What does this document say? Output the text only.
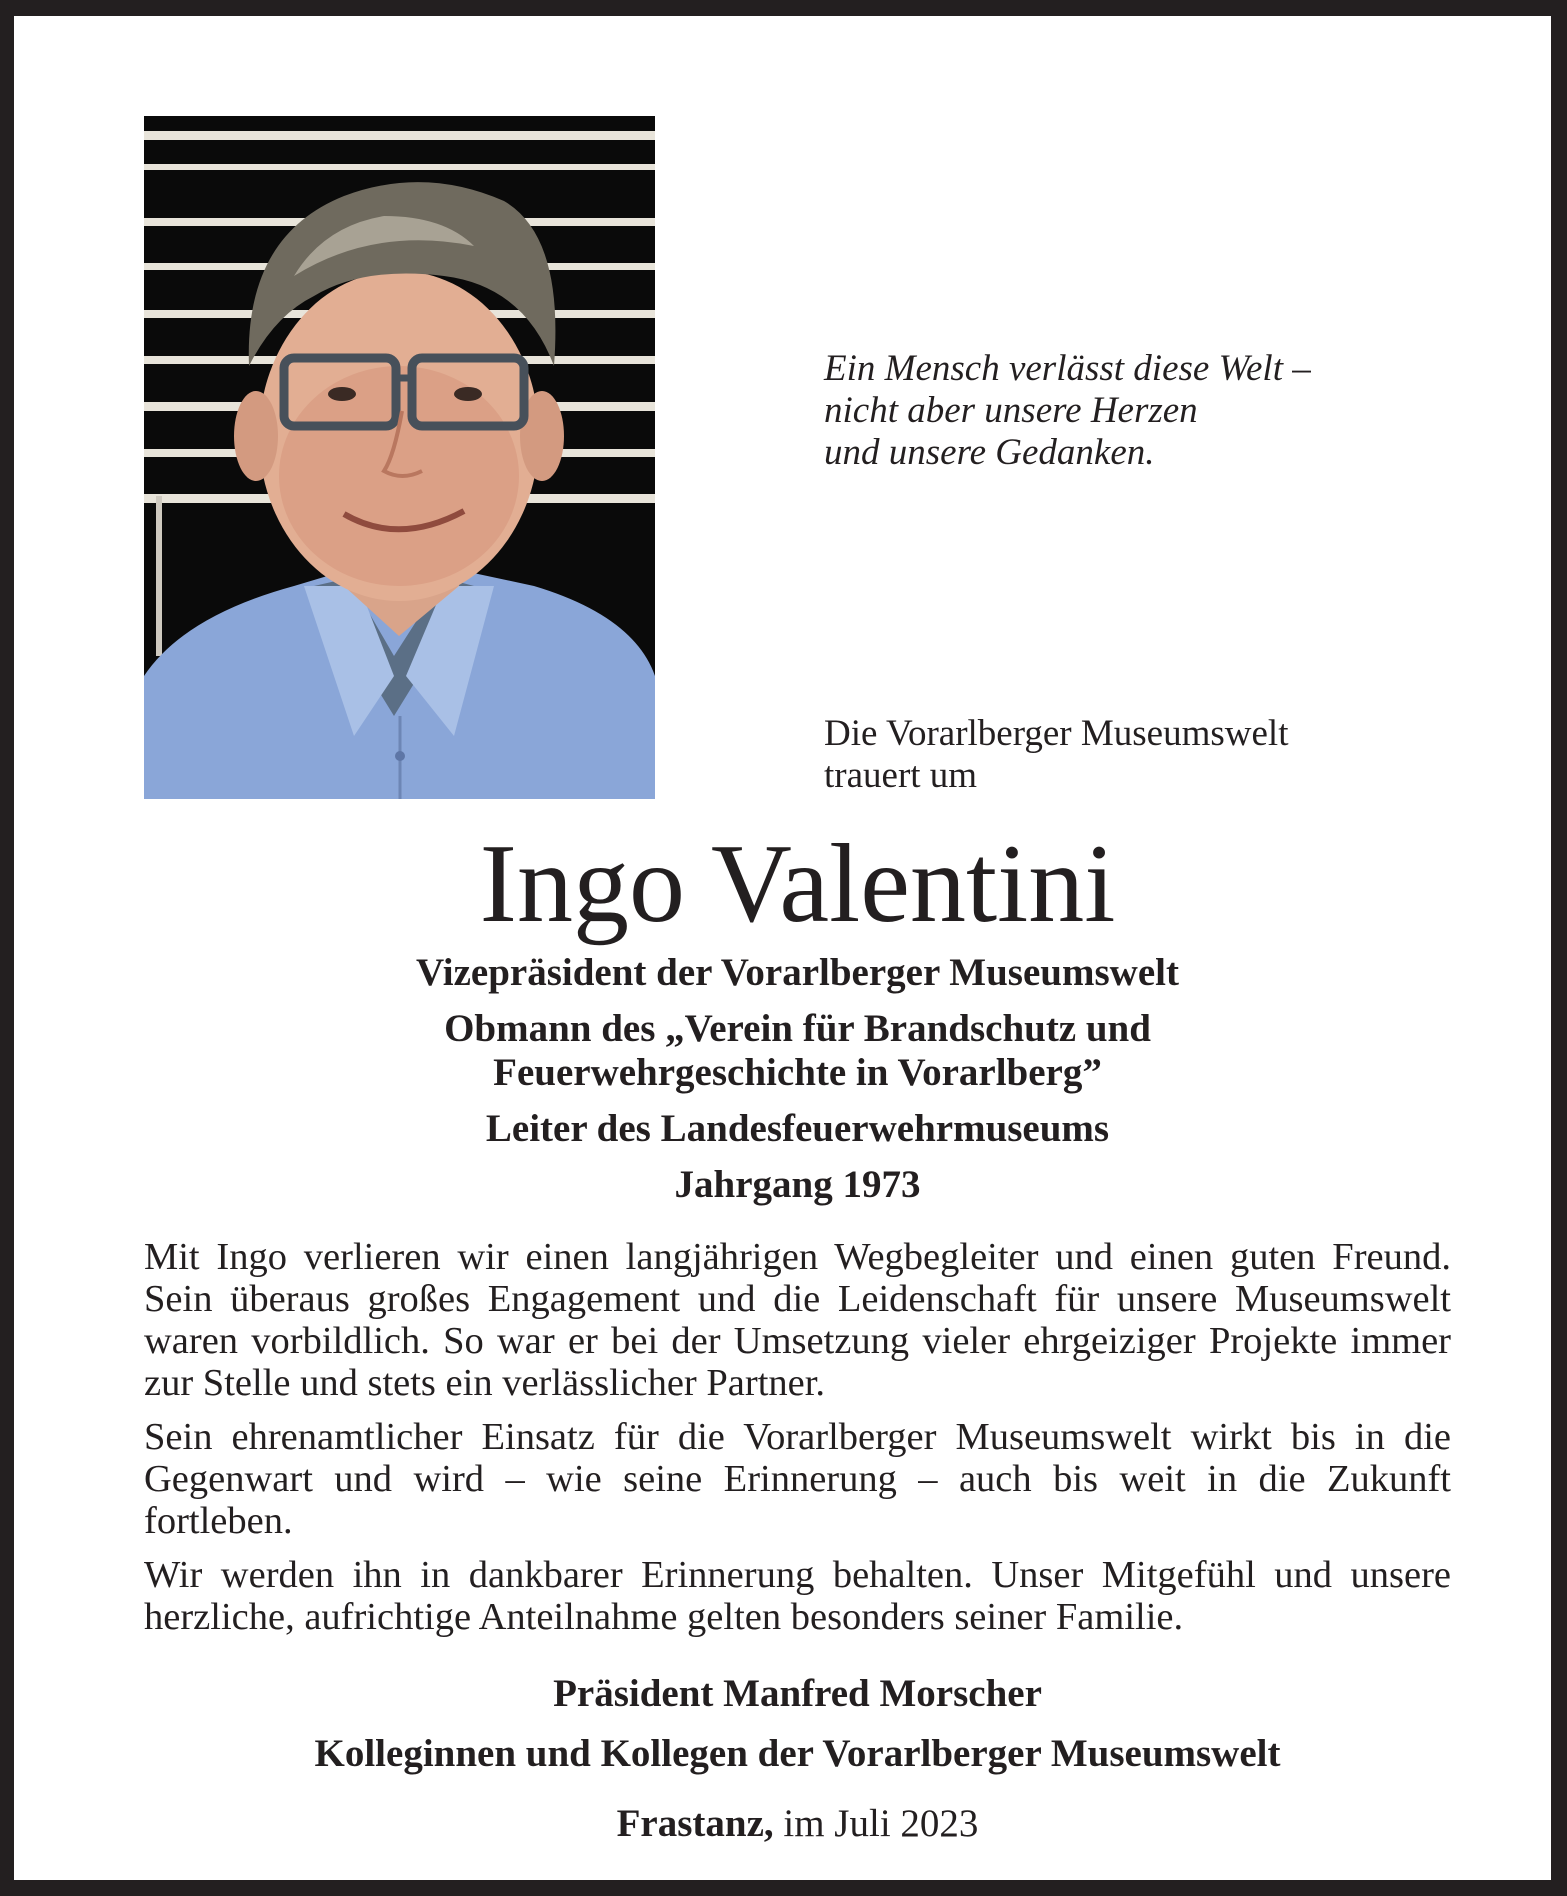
Ein Mensch verlässt diese Welt –
nicht aber unsere Herzen
und unsere Gedanken.
Die Vorarlberger Museumswelt
trauert um
Ingo Valentini
Vizepräsident der Vorarlberger Museumswelt
Obmann des „Verein für Brandschutz und
Feuerwehrgeschichte in Vorarlberg”
Leiter des Landesfeuerwehrmuseums
Jahrgang 1973

Mit Ingo verlieren wir einen langjährigen Wegbegleiter und einen guten Freund. Sein überaus großes Engagement und die Leidenschaft für unsere Museumswelt waren vorbildlich. So war er bei der Umsetzung vieler ehrgeiziger Projekte immer zur Stelle und stets ein verlässlicher Partner.

Sein ehrenamtlicher Einsatz für die Vorarlberger Museumswelt wirkt bis in die Gegenwart und wird – wie seine Erinnerung – auch bis weit in die Zukunft fortleben.

Wir werden ihn in dankbarer Erinnerung behalten. Unser Mitgefühl und unsere herzliche, aufrichtige Anteilnahme gelten besonders seiner Familie.

Präsident Manfred Morscher
Kolleginnen und Kollegen der Vorarlberger Museumswelt
Frastanz, im Juli 2023
